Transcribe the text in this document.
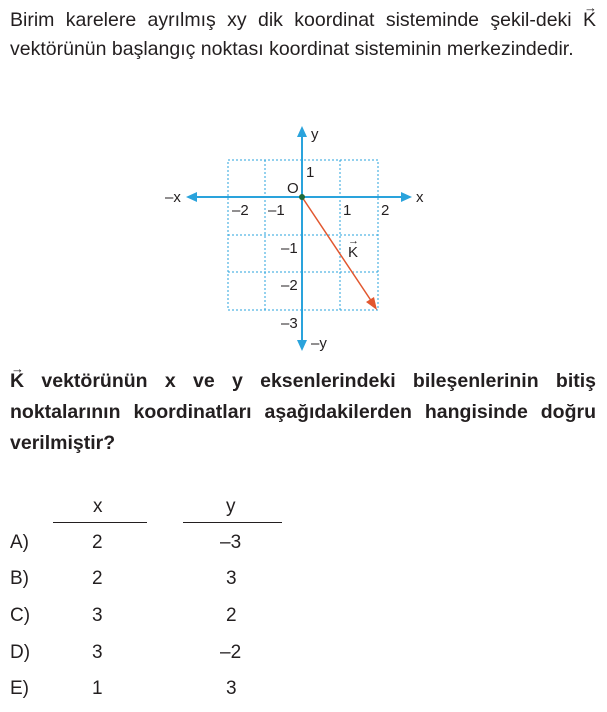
Birim karelere ayrılmış xy dik koordinat sisteminde şekil-deki → K vektörünün başlangıç noktası koordinat sisteminin merkezindedir.
y
–y
x
–x
O
K
→
–2 –1	1 2
1
–1
–2
–3
→ K vektörünün x ve y eksenlerindeki bileşenlerinin bitiş noktalarının koordinatları aşağıdakilerden hangisinde doğru verilmiştir?
x	y
A)	2	–3
B)	2	3
C)	3	2
D)	3	–2
E)	1	3
